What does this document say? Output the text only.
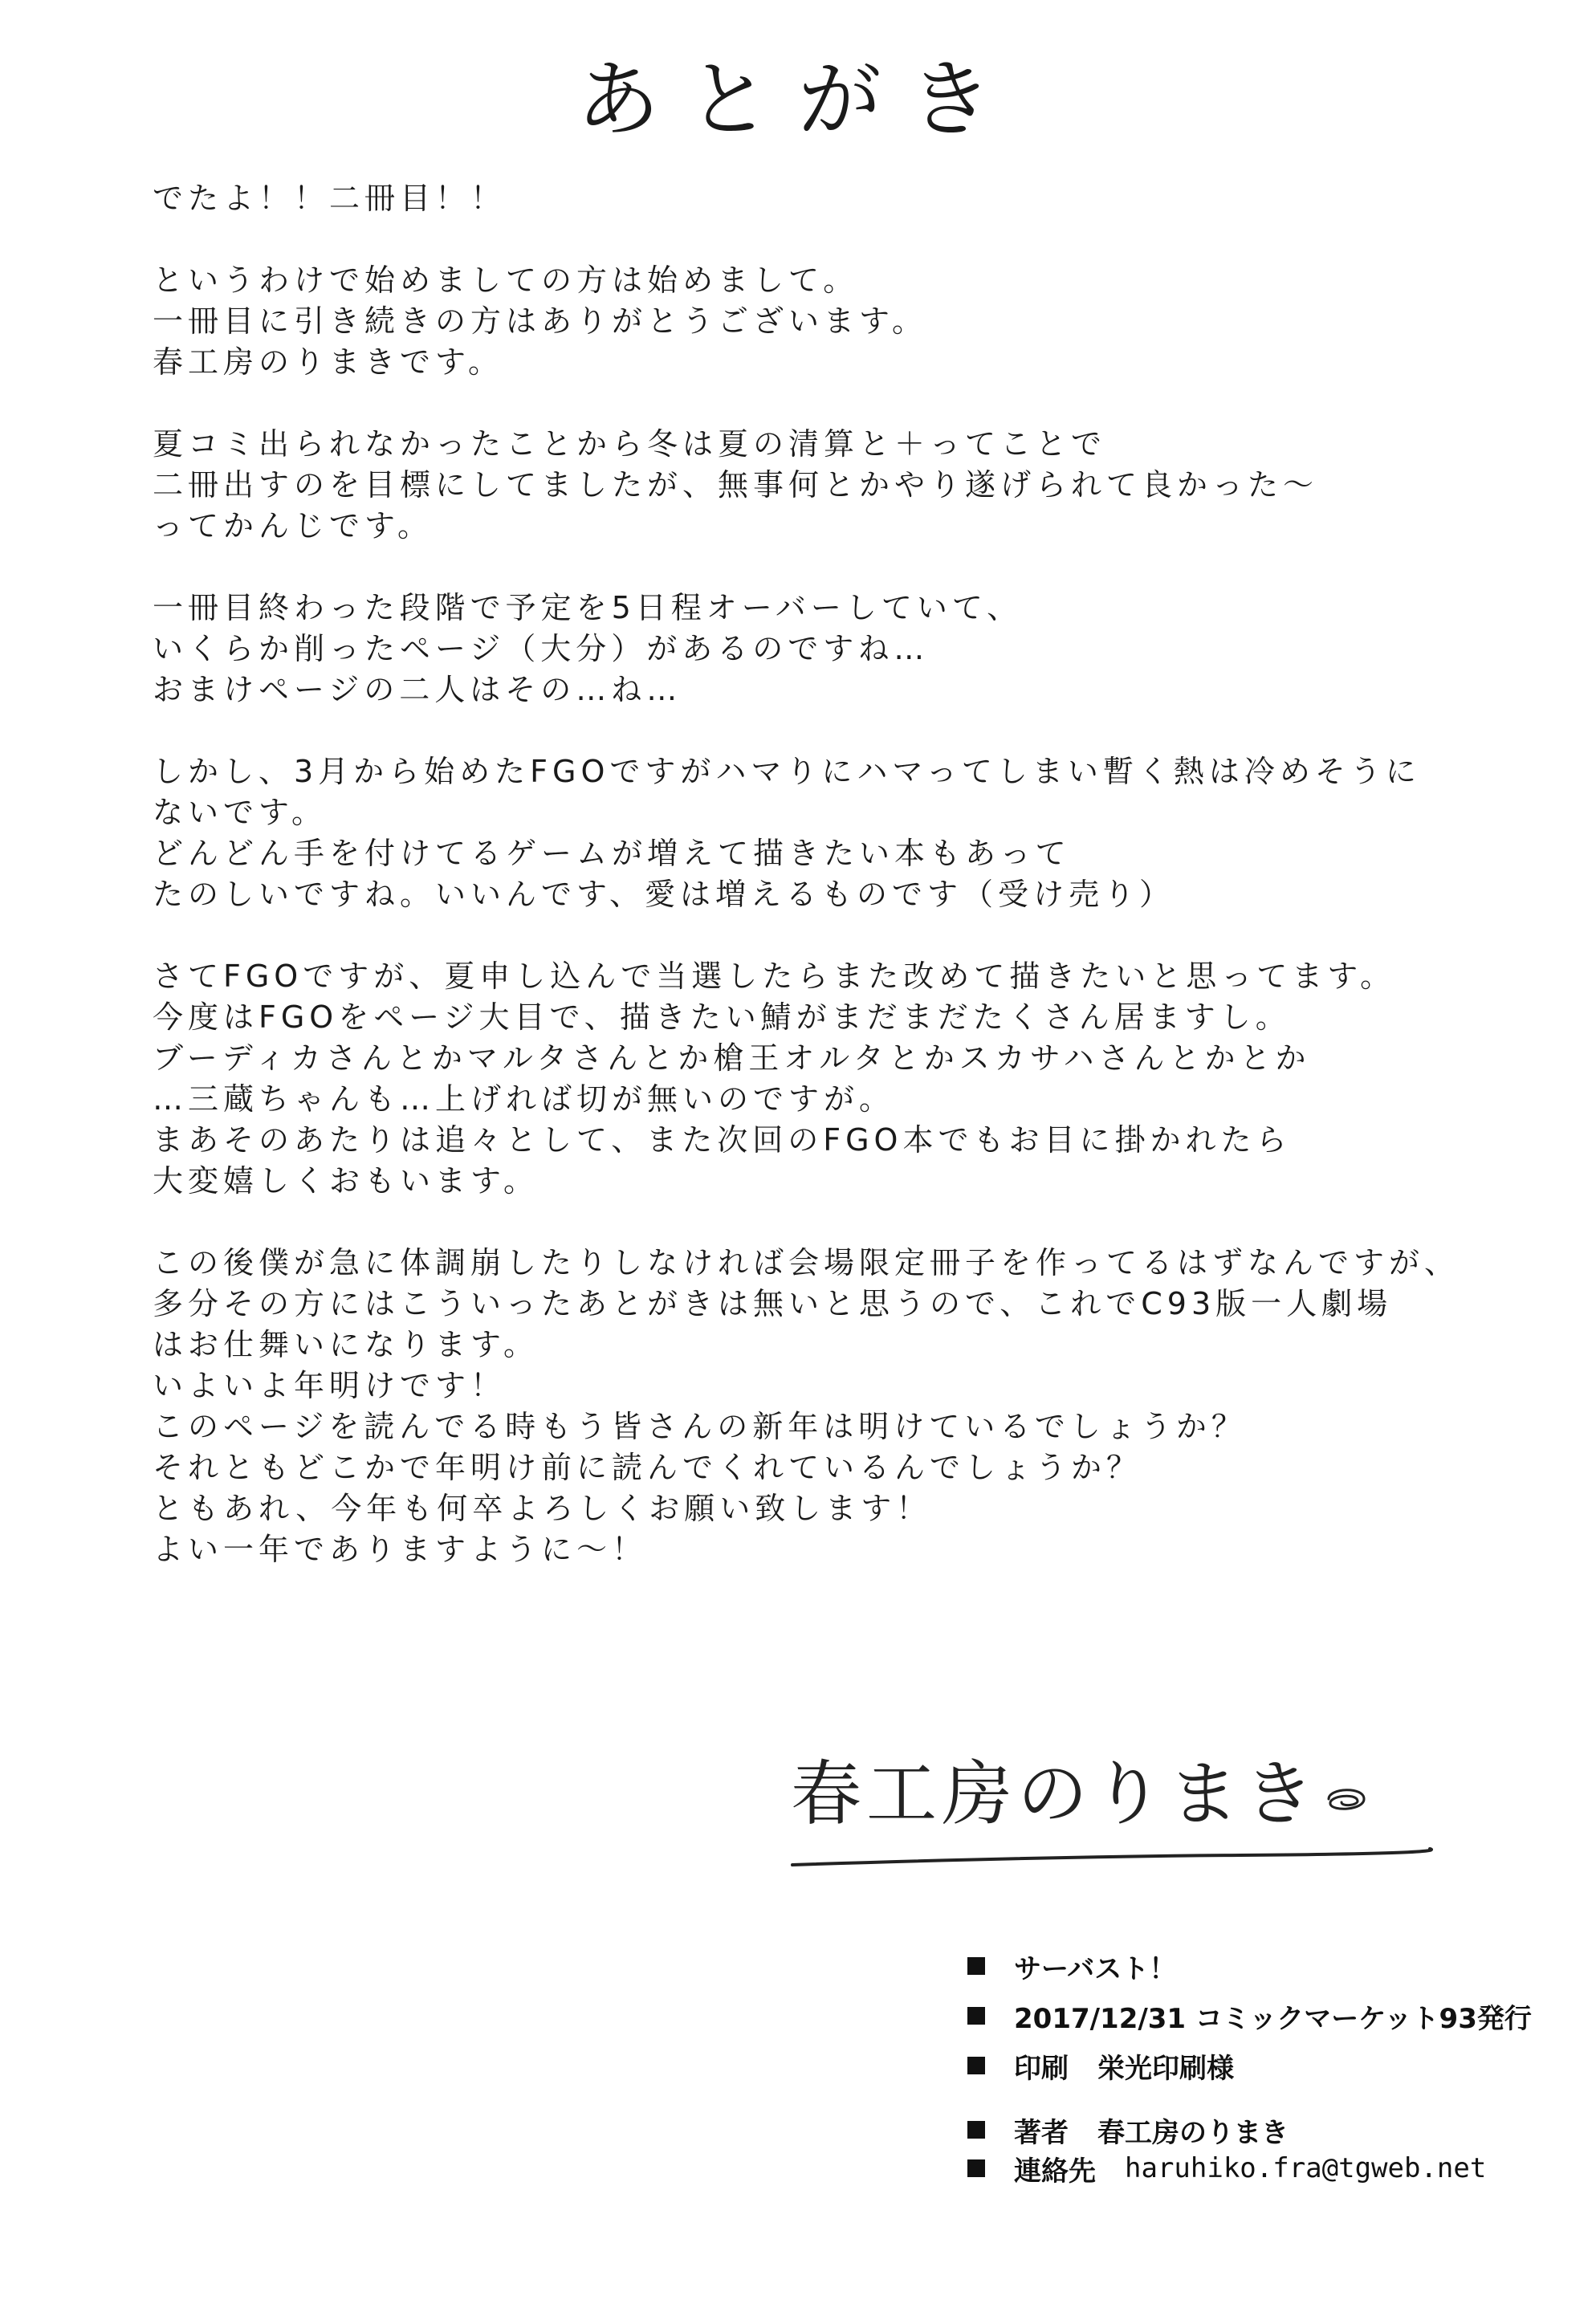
あとがき
でたよ！！二冊目！！
というわけで始めましての方は始めまして。
一冊目に引き続きの方はありがとうございます。
春工房のりまきです。
夏コミ出られなかったことから冬は夏の清算と＋ってことで
二冊出すのを目標にしてましたが、無事何とかやり遂げられて良かった〜
ってかんじです。
一冊目終わった段階で予定を5日程オーバーしていて、
いくらか削ったページ（大分）があるのですね…
おまけページの二人はその…ね…
しかし、3月から始めたFGOですがハマりにハマってしまい暫く熱は冷めそうに
ないです。
どんどん手を付けてるゲームが増えて描きたい本もあって
たのしいですね。いいんです、愛は増えるものです（受け売り）
さてFGOですが、夏申し込んで当選したらまた改めて描きたいと思ってます。
今度はFGOをページ大目で、描きたい鯖がまだまだたくさん居ますし。
ブーディカさんとかマルタさんとか槍王オルタとかスカサハさんとかとか
…三蔵ちゃんも…上げれば切が無いのですが。
まあそのあたりは追々として、また次回のFGO本でもお目に掛かれたら
大変嬉しくおもいます。
この後僕が急に体調崩したりしなければ会場限定冊子を作ってるはずなんですが、
多分その方にはこういったあとがきは無いと思うので、これでC93版一人劇場
はお仕舞いになります。
いよいよ年明けです！
このページを読んでる時もう皆さんの新年は明けているでしょうか？
それともどこかで年明け前に読んでくれているんでしょうか？
ともあれ、今年も何卒よろしくお願い致します！
よい一年でありますように〜！
春工房のりまき
サーバスト！
2017/12/31 コミックマーケット93発行
印刷 栄光印刷様
著者 春工房のりまき
連絡先 haruhiko.fra@tgweb.net
